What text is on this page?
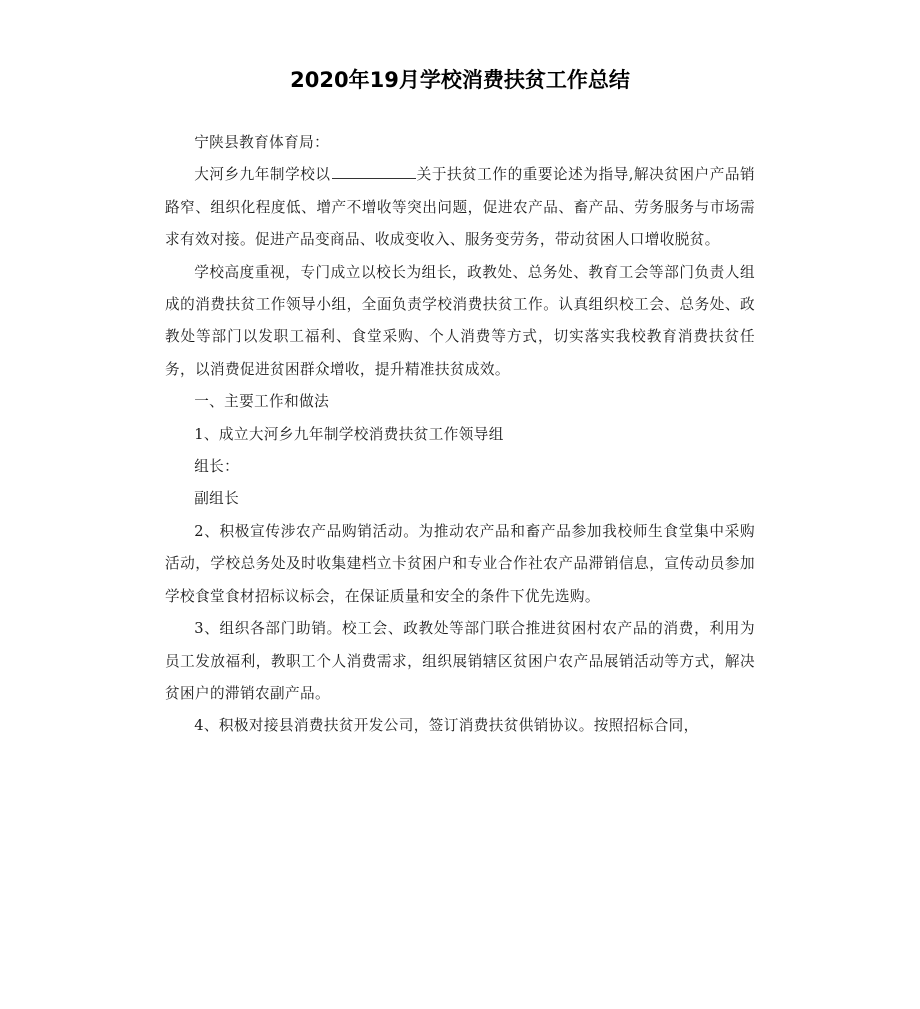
2020年19月学校消费扶贫工作总结

宁陕县教育体育局：

大河乡九年制学校以	关于扶贫工作的重要论述为指导,解决贫困户产品销路窄、组织化程度低、增产不增收等突出问题，促进农产品、畜产品、劳务服务与市场需求有效对接。促进产品变商品、收成变收入、服务变劳务，带动贫困人口增收脱贫。

学校高度重视，专门成立以校长为组长，政教处、总务处、教育工会等部门负责人组成的消费扶贫工作领导小组，全面负责学校消费扶贫工作。认真组织校工会、总务处、政教处等部门以发职工福利、食堂采购、个人消费等方式，切实落实我校教育消费扶贫任务，以消费促进贫困群众增收，提升精准扶贫成效。

一、主要工作和做法

1、成立大河乡九年制学校消费扶贫工作领导组

组长：

副组长

2、积极宣传涉农产品购销活动。为推动农产品和畜产品参加我校师生食堂集中采购活动，学校总务处及时收集建档立卡贫困户和专业合作社农产品滞销信息，宣传动员参加学校食堂食材招标议标会，在保证质量和安全的条件下优先选购。

3、组织各部门助销。校工会、政教处等部门联合推进贫困村农产品的消费，利用为员工发放福利，教职工个人消费需求，组织展销辖区贫困户农产品展销活动等方式，解决贫困户的滞销农副产品。

4、积极对接县消费扶贫开发公司，签订消费扶贫供销协议。按照招标合同，
